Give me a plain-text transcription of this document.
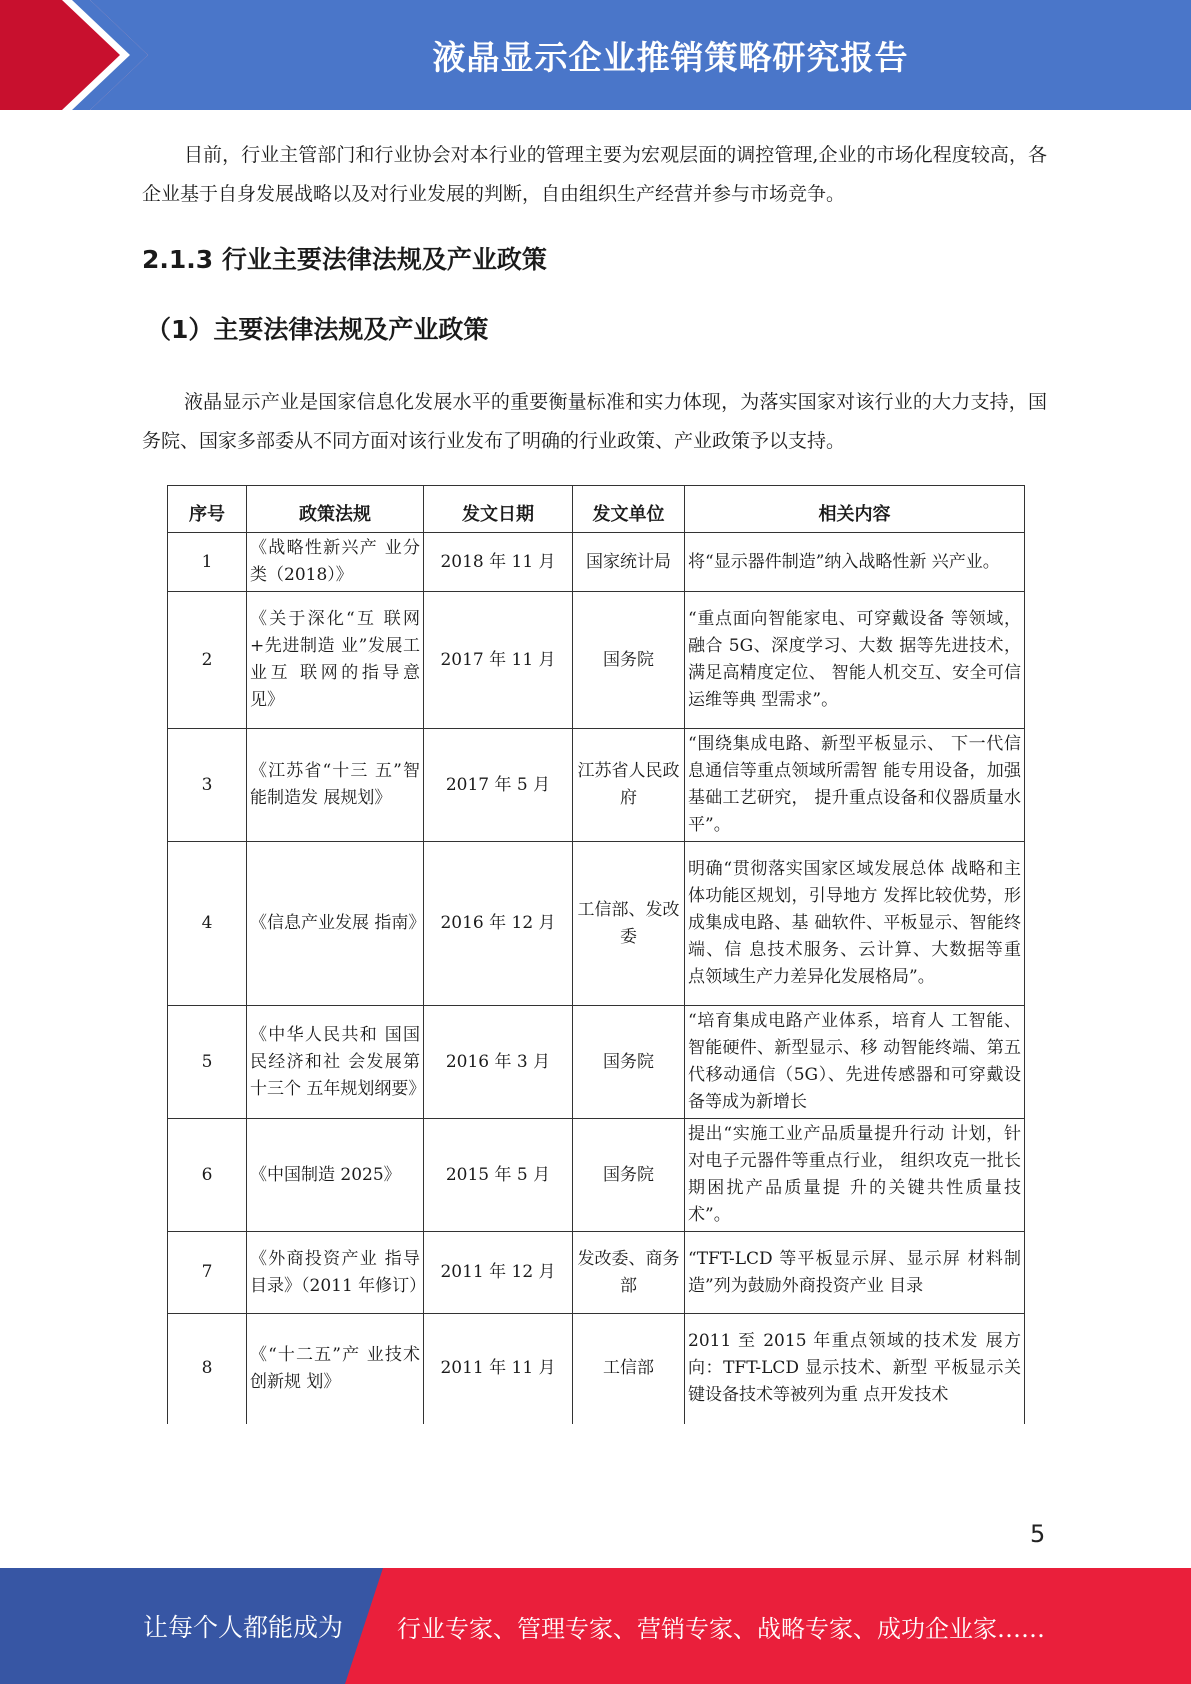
液晶显示企业推销策略研究报告

目前，行业主管部门和行业协会对本行业的管理主要为宏观层面的调控管理,企业的市场化程度较高，各企业基于自身发展战略以及对行业发展的判断，自由组织生产经营并参与市场竞争。

2.1.3 行业主要法律法规及产业政策
（1）主要法律法规及产业政策

液晶显示产业是国家信息化发展水平的重要衡量标准和实力体现，为落实国家对该行业的大力支持，国务院、国家多部委从不同方面对该行业发布了明确的行业政策、产业政策予以支持。

序号	政策法规	发文日期	发文单位	相关内容
1	《战略性新兴产 业分类（2018）》	2018 年 11 月	国家统计局	将“显示器件制造”纳入战略性新 兴产业。
2	《关于深化“互 联网+先进制造 业”发展工业互 联网的指导意 见》	2017 年 11 月	国务院	“重点面向智能家电、可穿戴设备 等领域，融合 5G、深度学习、大数 据等先进技术，满足高精度定位、 智能人机交互、安全可信运维等典 型需求”。
3	《江苏省“十三 五”智能制造发 展规划》	2017 年 5 月	江苏省人民政府	“围绕集成电路、新型平板显示、 下一代信息通信等重点领域所需智 能专用设备，加强基础工艺研究， 提升重点设备和仪器质量水平”。
4	《信息产业发展 指南》	2016 年 12 月	工信部、发改委	明确“贯彻落实国家区域发展总体 战略和主体功能区规划，引导地方 发挥比较优势，形成集成电路、基 础软件、平板显示、智能终端、信 息技术服务、云计算、大数据等重 点领域生产力差异化发展格局”。
5	《中华人民共和 国国民经济和社 会发展第十三个 五年规划纲要》	2016 年 3 月	国务院	“培育集成电路产业体系，培育人 工智能、智能硬件、新型显示、移 动智能终端、第五代移动通信（5G）、先进传感器和可穿戴设备等成为新增长
6	《中国制造 2025》	2015 年 5 月	国务院	提出“实施工业产品质量提升行动 计划，针对电子元器件等重点行业， 组织攻克一批长期困扰产品质量提 升的关键共性质量技术”。
7	《外商投资产业 指导目录》（2011 年修订）	2011 年 12 月	发改委、商务部	“TFT-LCD 等平板显示屏、显示屏 材料制造”列为鼓励外商投资产业 目录
8	《“十二五”产 业技术创新规 划》	2011 年 11 月	工信部	2011 至 2015 年重点领域的技术发 展方向：TFT-LCD 显示技术、新型 平板显示关键设备技术等被列为重 点开发技术
5
让每个人都能成为 行业专家、管理专家、营销专家、战略专家、成功企业家……
